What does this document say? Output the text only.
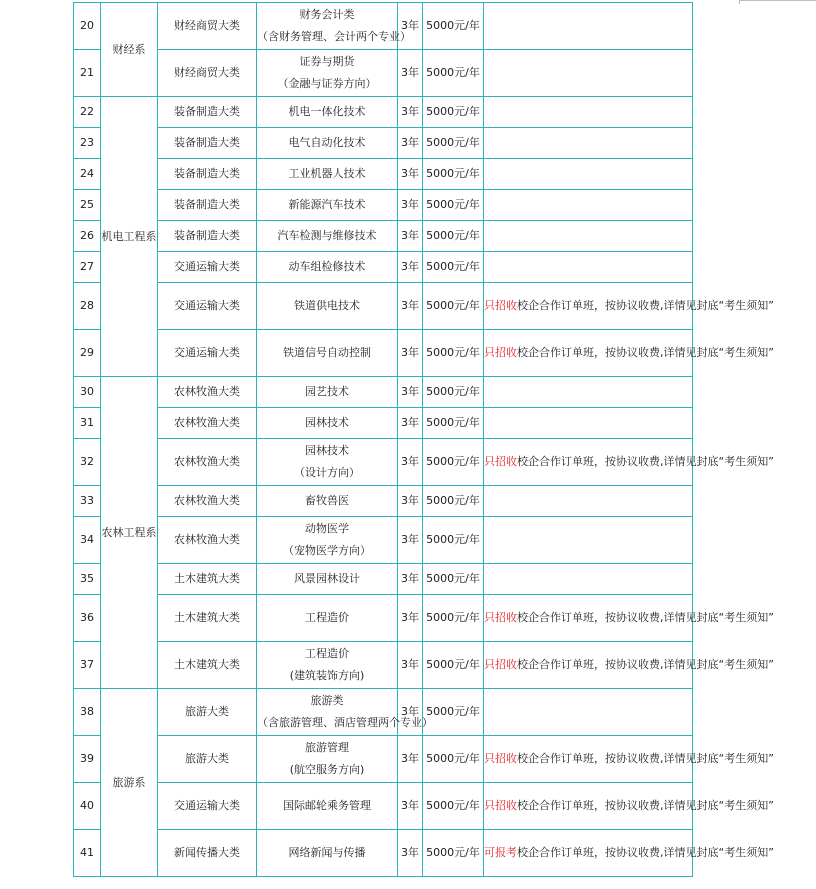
20	财经系	财经商贸大类	财务会计类
（含财务管理、会计两个专业）	3年	5000元/年	
21		财经商贸大类	证券与期货
（金融与证券方向）	3年	5000元/年	
22	机电工程系	装备制造大类	机电一体化技术	3年	5000元/年	
23		装备制造大类	电气自动化技术	3年	5000元/年	
24		装备制造大类	工业机器人技术	3年	5000元/年	
25		装备制造大类	新能源汽车技术	3年	5000元/年	
26		装备制造大类	汽车检测与维修技术	3年	5000元/年	
27		交通运输大类	动车组检修技术	3年	5000元/年	
28		交通运输大类	铁道供电技术	3年	5000元/年	只招收校企合作订单班，按协议收费,详情见封底“考生须知”
29		交通运输大类	铁道信号自动控制	3年	5000元/年	只招收校企合作订单班，按协议收费,详情见封底“考生须知”
30	农林工程系	农林牧渔大类	园艺技术	3年	5000元/年	
31		农林牧渔大类	园林技术	3年	5000元/年	
32		农林牧渔大类	园林技术
（设计方向）	3年	5000元/年	只招收校企合作订单班，按协议收费,详情见封底“考生须知”
33		农林牧渔大类	畜牧兽医	3年	5000元/年	
34		农林牧渔大类	动物医学
（宠物医学方向）	3年	5000元/年	
35		土木建筑大类	风景园林设计	3年	5000元/年	
36		土木建筑大类	工程造价	3年	5000元/年	只招收校企合作订单班，按协议收费,详情见封底“考生须知”
37		土木建筑大类	工程造价
(建筑装饰方向)	3年	5000元/年	只招收校企合作订单班，按协议收费,详情见封底“考生须知”
38	旅游系	旅游大类	旅游类
（含旅游管理、酒店管理两个专业）	3年	5000元/年	
39		旅游大类	旅游管理
(航空服务方向)	3年	5000元/年	只招收校企合作订单班，按协议收费,详情见封底“考生须知”
40		交通运输大类	国际邮轮乘务管理	3年	5000元/年	只招收校企合作订单班，按协议收费,详情见封底“考生须知”
41		新闻传播大类	网络新闻与传播	3年	5000元/年	可报考校企合作订单班，按协议收费,详情见封底“考生须知”
